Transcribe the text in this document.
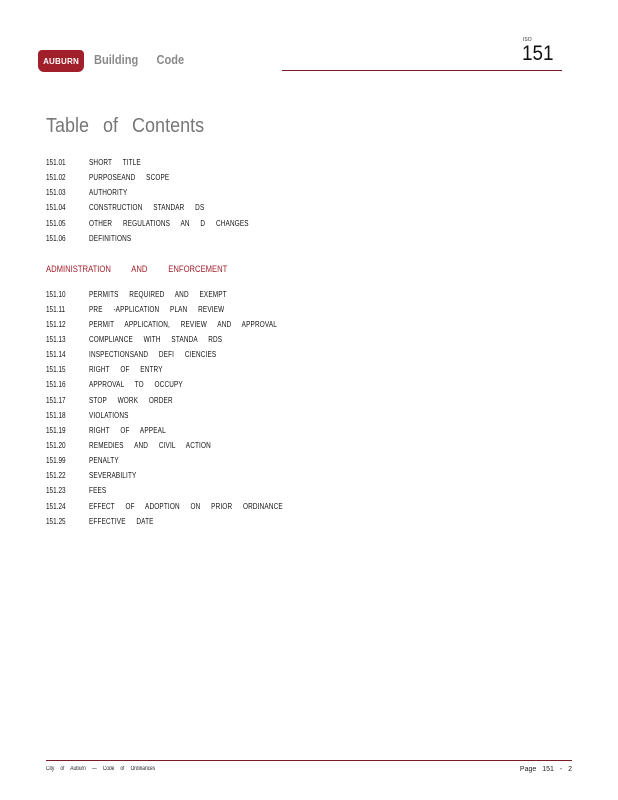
AUBURN Building Code
ISO
151
Table of Contents
151.01	SHORT TITLE
151.02	PURPOSEAND SCOPE
151.03	AUTHORITY
151.04	CONSTRUCTION STANDAR DS
151.05	OTHER REGULATIONS AN D CHANGES
151.06	DEFINITIONS
ADMINISTRATION AND ENFORCEMENT
151.10	PERMITS REQUIRED AND EXEMPT
151.11	PRE -APPLICATION PLAN REVIEW
151.12	PERMIT APPLICATION, REVIEW AND APPROVAL
151.13	COMPLIANCE WITH STANDA RDS
151.14	INSPECTIONSAND DEFI CIENCIES
151.15	RIGHT OF ENTRY
151.16	APPROVAL TO OCCUPY
151.17	STOP WORK ORDER
151.18	VIOLATIONS
151.19	RIGHT OF APPEAL
151.20	REMEDIES AND CIVIL ACTION
151.99	PENALTY
151.22	SEVERABILITY
151.23	FEES
151.24	EFFECT OF ADOPTION ON PRIOR ORDINANCE
151.25	EFFECTIVE DATE
City of Auburn — Code of Ordinances	Page 151 - 2
